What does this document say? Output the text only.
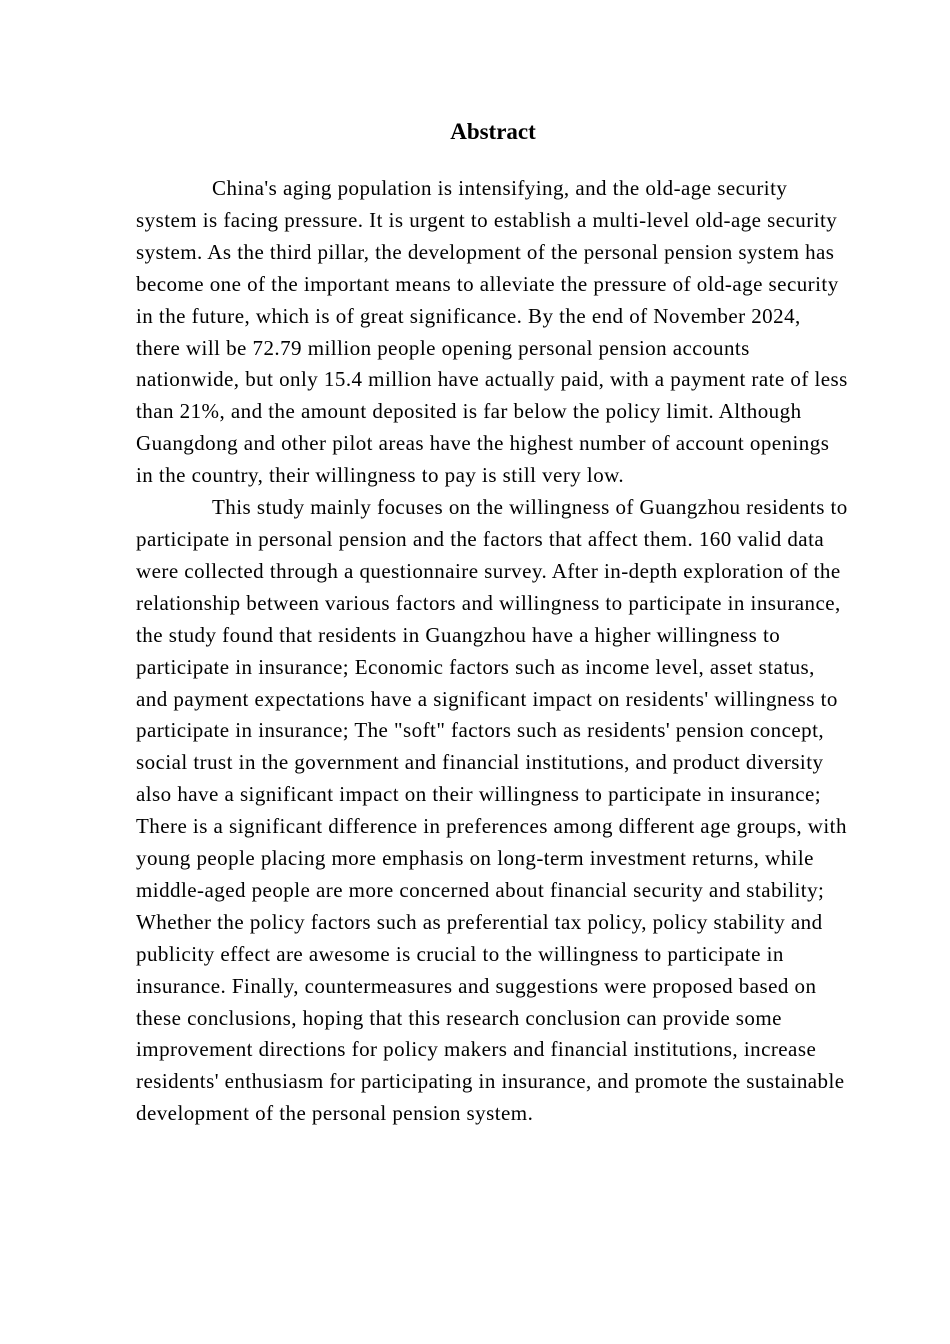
Abstract

China's aging population is intensifying, and the old-age security system is facing pressure. It is urgent to establish a multi-level old-age security system. As the third pillar, the development of the personal pension system has become one of the important means to alleviate the pressure of old-age security in the future, which is of great significance. By the end of November 2024, there will be 72.79 million people opening personal pension accounts nationwide, but only 15.4 million have actually paid, with a payment rate of less than 21%, and the amount deposited is far below the policy limit. Although Guangdong and other pilot areas have the highest number of account openings in the country, their willingness to pay is still very low.

This study mainly focuses on the willingness of Guangzhou residents to participate in personal pension and the factors that affect them. 160 valid data were collected through a questionnaire survey. After in-depth exploration of the relationship between various factors and willingness to participate in insurance, the study found that residents in Guangzhou have a higher willingness to participate in insurance; Economic factors such as income level, asset status, and payment expectations have a significant impact on residents' willingness to participate in insurance; The "soft" factors such as residents' pension concept, social trust in the government and financial institutions, and product diversity also have a significant impact on their willingness to participate in insurance; There is a significant difference in preferences among different age groups, with young people placing more emphasis on long-term investment returns, while middle-aged people are more concerned about financial security and stability; Whether the policy factors such as preferential tax policy, policy stability and publicity effect are awesome is crucial to the willingness to participate in insurance. Finally, countermeasures and suggestions were proposed based on these conclusions, hoping that this research conclusion can provide some improvement directions for policy makers and financial institutions, increase residents' enthusiasm for participating in insurance, and promote the sustainable development of the personal pension system.
